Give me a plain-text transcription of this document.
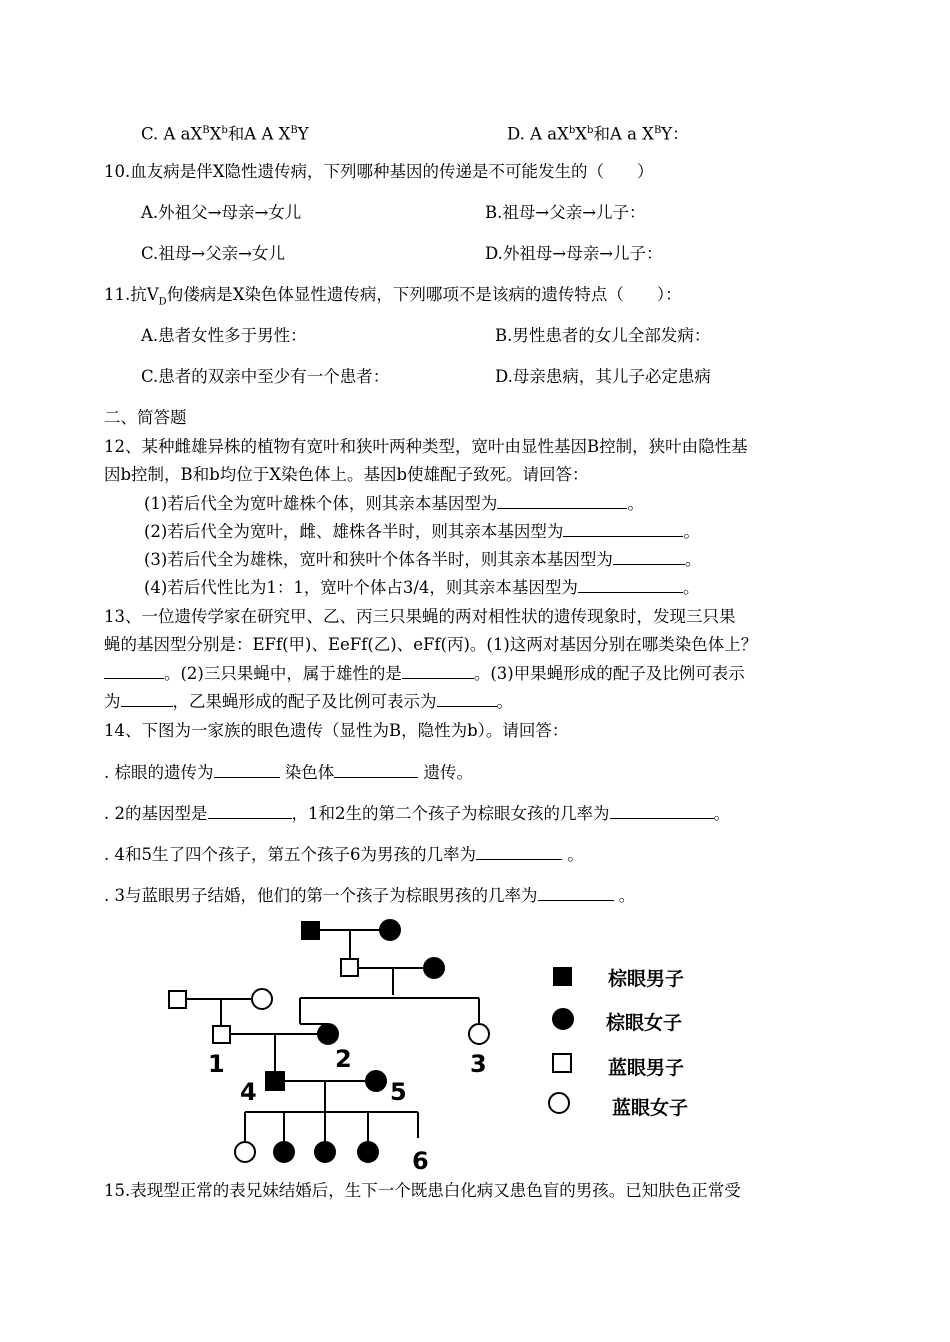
C. A $aX^BX^b$和A A $X^BY$	D. A $aX^bX^b$和A a $X^BY$：
10.血友病是伴X隐性遗传病，下列哪种基因的传递是不可能发生的（　　）
A.外祖父→母亲→女儿	B.祖母→父亲→儿子：
C.祖母→父亲→女儿	D.外祖母→母亲→儿子：
11.抗$V_D$佝偻病是X染色体显性遗传病，下列哪项不是该病的遗传特点（　　）：
A.患者女性多于男性：	B.男性患者的女儿全部发病：
C.患者的双亲中至少有一个患者：	D.母亲患病，其儿子必定患病
二、简答题
12、某种雌雄异株的植物有宽叶和狭叶两种类型，宽叶由显性基因B控制，狭叶由隐性基
因b控制，B和b均位于X染色体上。基因b使雄配子致死。请回答：
(1)若后代全为宽叶雄株个体，则其亲本基因型为	。
(2)若后代全为宽叶，雌、雄株各半时，则其亲本基因型为	。
(3)若后代全为雄株，宽叶和狭叶个体各半时，则其亲本基因型为	。
(4)若后代性比为1：1，宽叶个体占3/4，则其亲本基因型为	。
13、一位遗传学家在研究甲、乙、丙三只果蝇的两对相性状的遗传现象时，发现三只果
蝇的基因型分别是：EFf(甲)、EeFf(乙)、eFf(丙)。(1)这两对基因分别在哪类染色体上？
。(2)三只果蝇中，属于雄性的是	。(3)甲果蝇形成的配子及比例可表示
为	，乙果蝇形成的配子及比例可表示为	。
14、下图为一家族的眼色遗传（显性为B，隐性为b）。请回答：
. 棕眼的遗传为	染色体	遗传。
. 2的基因型是	，1和2生的第二个孩子为棕眼女孩的几率为	。
. 4和5生了四个孩子，第五个孩子6为男孩的几率为	。
. 3与蓝眼男子结婚，他们的第一个孩子为棕眼男孩的几率为	。
1	2	3
4	5
6
棕眼男子
棕眼女子
蓝眼男子
蓝眼女子
15.表现型正常的表兄妹结婚后，生下一个既患白化病又患色盲的男孩。已知肤色正常受
